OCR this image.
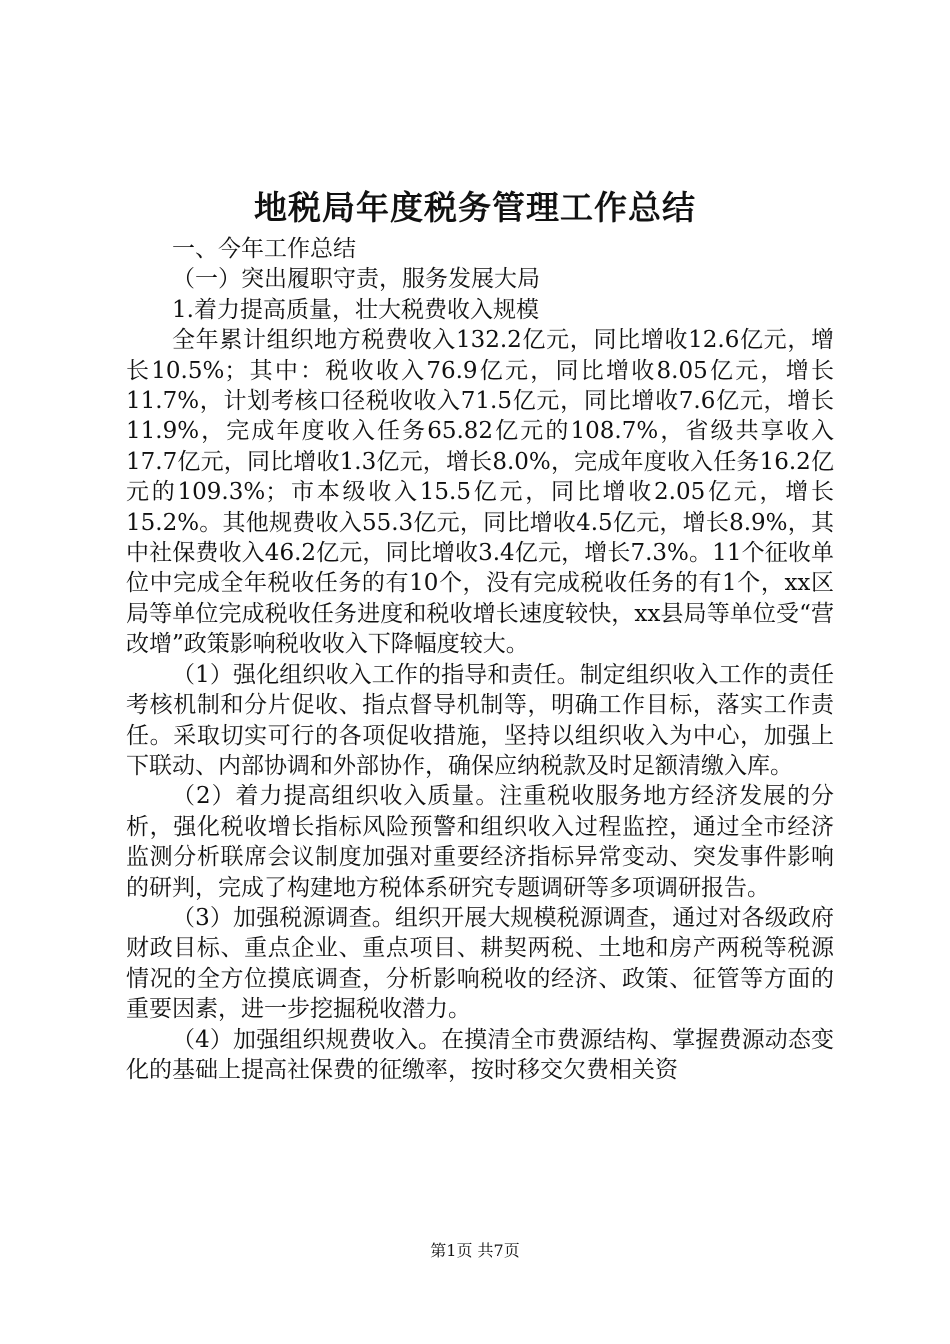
地税局年度税务管理工作总结

一、今年工作总结

（一）突出履职守责，服务发展大局

1.着力提高质量，壮大税费收入规模

全年累计组织地方税费收入132.2亿元，同比增收12.6亿元，增长10.5%；其中：税收收入76.9亿元，同比增收8.05亿元，增长11.7%，计划考核口径税收收入71.5亿元，同比增收7.6亿元，增长11.9%，完成年度收入任务65.82亿元的108.7%，省级共享收入17.7亿元，同比增收1.3亿元，增长8.0%，完成年度收入任务16.2亿元的109.3%；市本级收入15.5亿元，同比增收2.05亿元，增长15.2%。其他规费收入55.3亿元，同比增收4.5亿元，增长8.9%，其中社保费收入46.2亿元，同比增收3.4亿元，增长7.3%。11个征收单位中完成全年税收任务的有10个，没有完成税收任务的有1个，xx区局等单位完成税收任务进度和税收增长速度较快，xx县局等单位受“营改增”政策影响税收收入下降幅度较大。

（1）强化组织收入工作的指导和责任。制定组织收入工作的责任考核机制和分片促收、指点督导机制等，明确工作目标，落实工作责任。采取切实可行的各项促收措施，坚持以组织收入为中心，加强上下联动、内部协调和外部协作，确保应纳税款及时足额清缴入库。

（2）着力提高组织收入质量。注重税收服务地方经济发展的分析，强化税收增长指标风险预警和组织收入过程监控，通过全市经济监测分析联席会议制度加强对重要经济指标异常变动、突发事件影响的研判，完成了构建地方税体系研究专题调研等多项调研报告。

（3）加强税源调查。组织开展大规模税源调查，通过对各级政府财政目标、重点企业、重点项目、耕契两税、土地和房产两税等税源情况的全方位摸底调查，分析影响税收的经济、政策、征管等方面的重要因素，进一步挖掘税收潜力。

（4）加强组织规费收入。在摸清全市费源结构、掌握费源动态变化的基础上提高社保费的征缴率，按时移交欠费相关资

第1页 共7页
